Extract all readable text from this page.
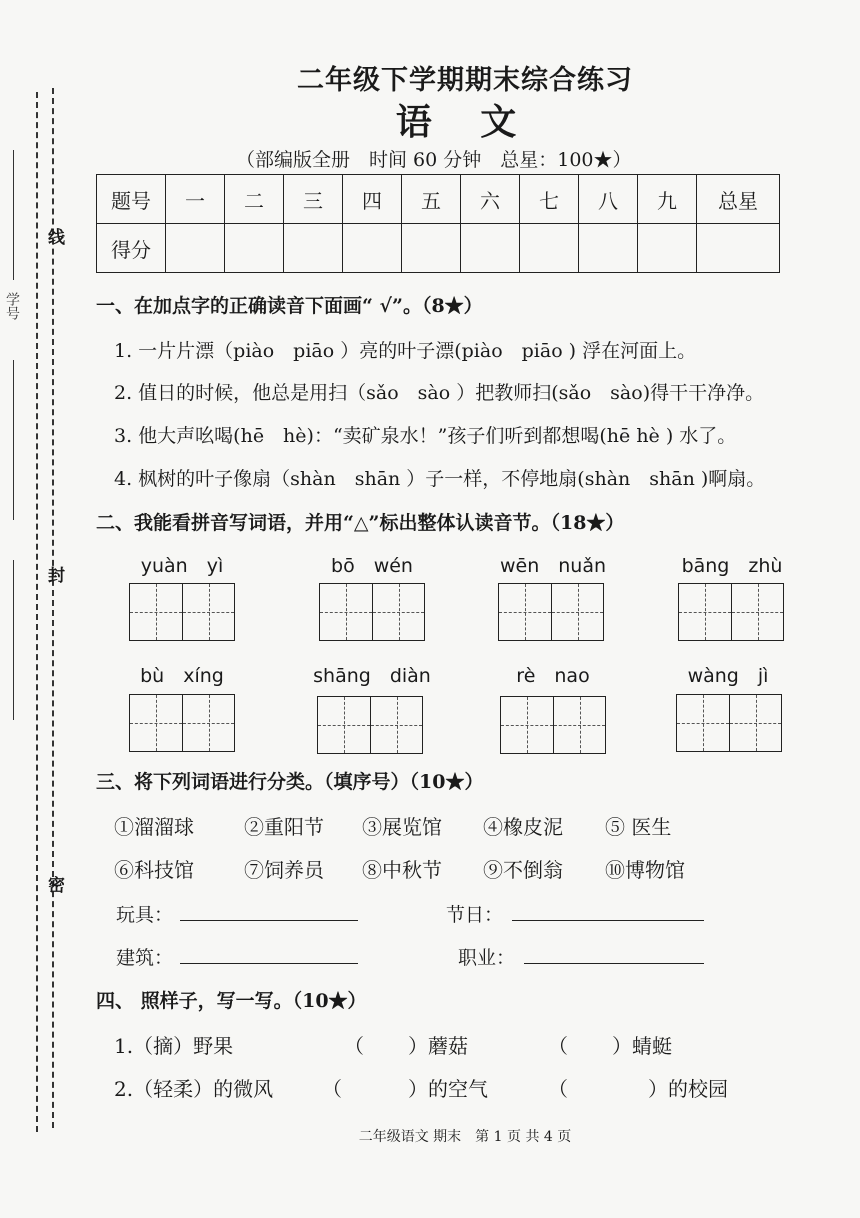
线
封
密
学号
二年级下学期期末综合练习
语 文
（部编版全册　时间 60 分钟　总星：100★）
题号	一	二	三	四	五	六	七	八	九	总星
得分										
一、在加点字的正确读音下面画“ √”。（8★）
1. 一片片漂（piào　piāo ）亮的叶子漂(piào　piāo ) 浮在河面上。
2. 值日的时候，他总是用扫（sǎo　sào ）把教师扫(sǎo　sào)得干干净净。
3. 他大声吆喝(hē　hè)：“卖矿泉水！”孩子们听到都想喝(hē hè ) 水了。
4. 枫树的叶子像扇（shàn　shān ）子一样，不停地扇(shàn　shān )啊扇。
二、我能看拼音写词语，并用“△”标出整体认读音节。（18★）
yuàn　yì	bō　wén	wēn　nuǎn	bāng　zhù
bù　xíng	shāng　diàn	rè　nao	wàng　jì
三、将下列词语进行分类。（填序号）（10★）
①溜溜球	②重阳节 ③展览馆 ④橡皮泥 ⑤ 医生
⑥科技馆	⑦饲养员 ⑧中秋节 ⑨不倒翁 ⑩博物馆
玩具：	节日：
建筑：	职业：
四、 照样子，写一写。（10★）
1.（摘）野果	（ ）蘑菇	（ ）蜻蜓
2.（轻柔）的微风 （	）的空气	（	）的校园
二年级语文 期末　第 1 页 共 4 页
